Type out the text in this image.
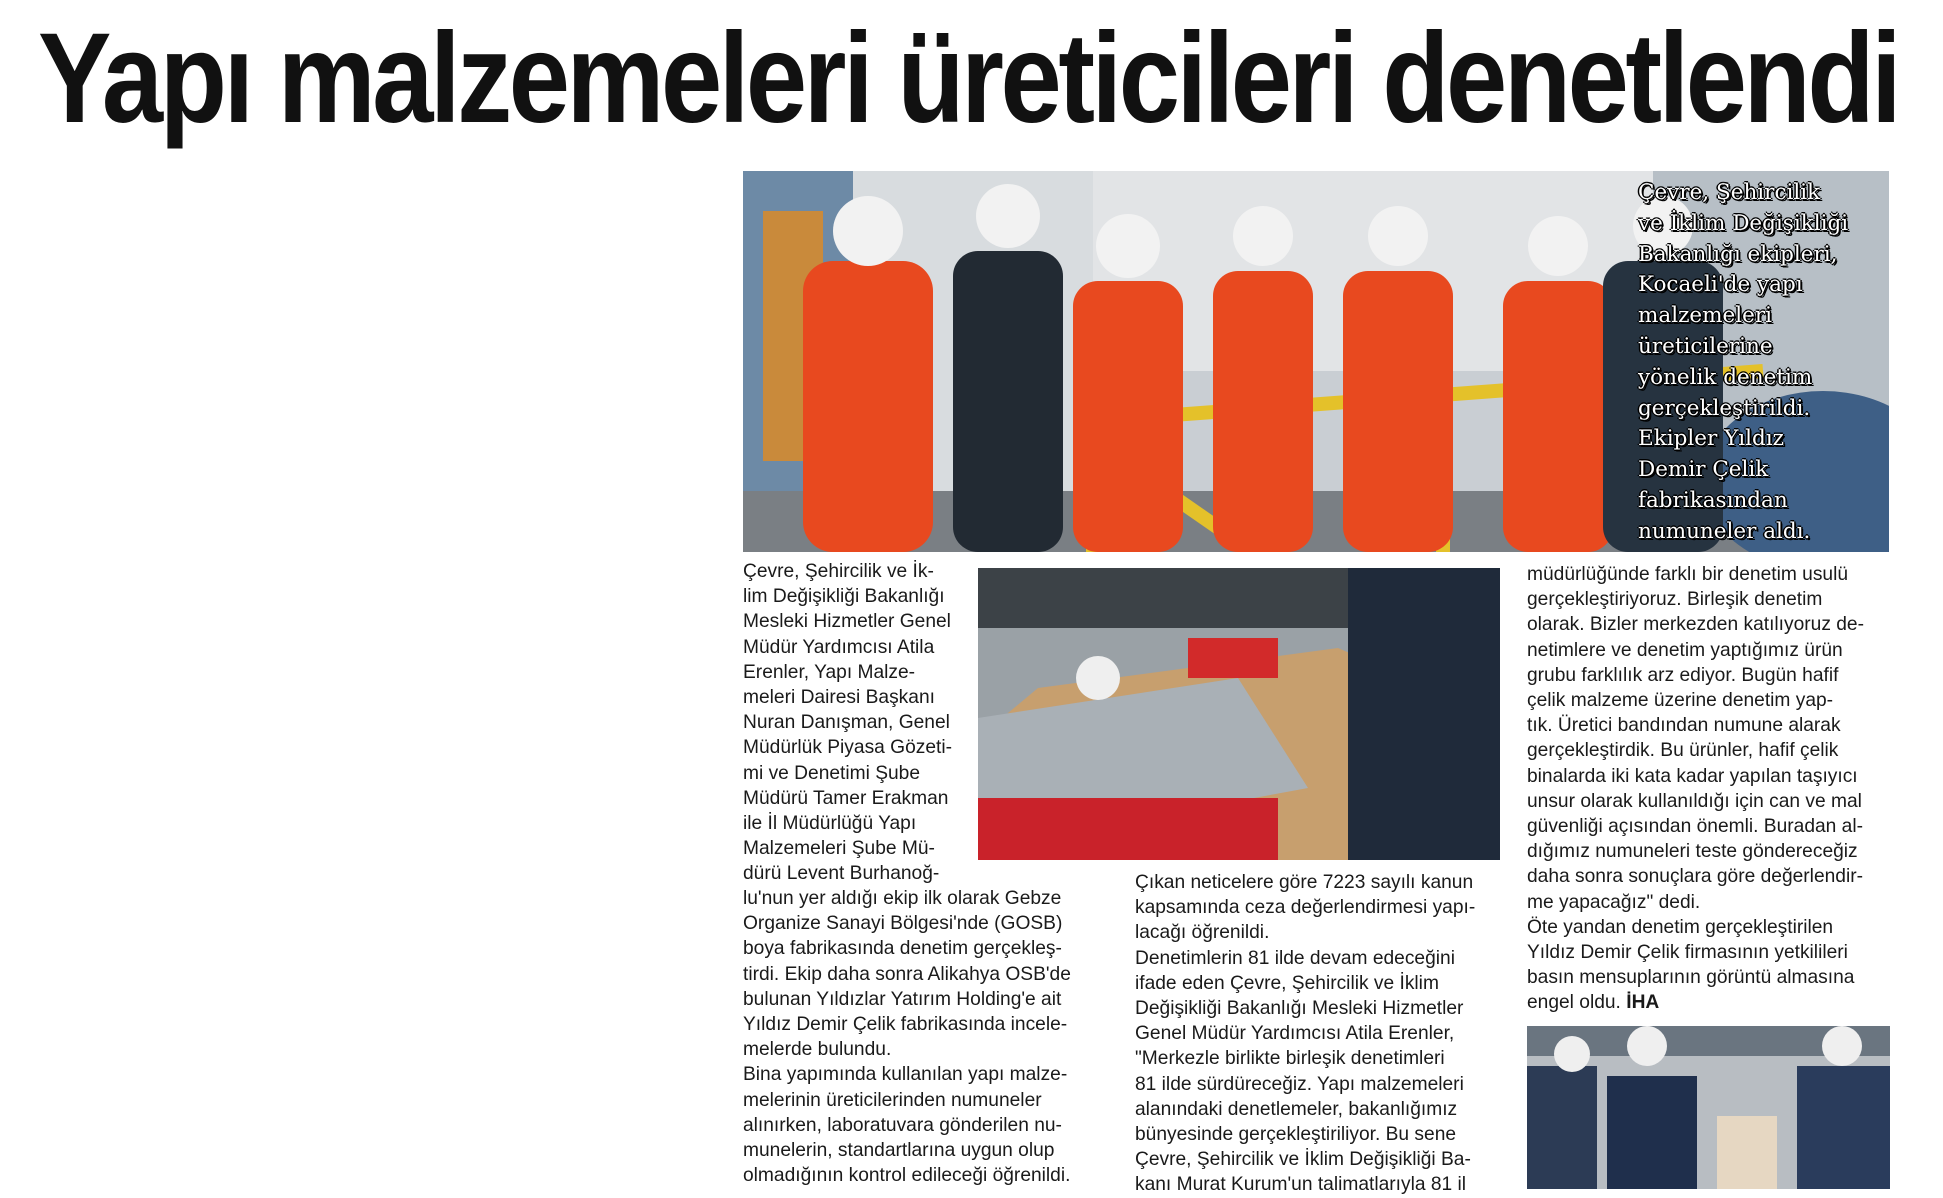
Yapı malzemeleri üreticileri denetlendi
Çevre, Şehircilik
ve İklim Değişikliği
Bakanlığı ekipleri,
Kocaeli'de yapı
malzemeleri
üreticilerine
yönelik denetim
gerçekleştirildi.
Ekipler Yıldız
Demir Çelik
fabrikasından
numuneler aldı.

Çevre, Şehircilik ve İk-

lim Değişikliği Bakanlığı

Mesleki Hizmetler Genel

Müdür Yardımcısı Atila

Erenler, Yapı Malze-

meleri Dairesi Başkanı

Nuran Danışman, Genel

Müdürlük Piyasa Gözeti-

mi ve Denetimi Şube

Müdürü Tamer Erakman

ile İl Müdürlüğü Yapı

Malzemeleri Şube Mü-

dürü Levent Burhanoğ-

lu'nun yer aldığı ekip ilk olarak Gebze

Organize Sanayi Bölgesi'nde (GOSB)

boya fabrikasında denetim gerçekleş-

tirdi. Ekip daha sonra Alikahya OSB'de

bulunan Yıldızlar Yatırım Holding'e ait

Yıldız Demir Çelik fabrikasında incele-

melerde bulundu.

Bina yapımında kullanılan yapı malze-

melerinin üreticilerinden numuneler

alınırken, laboratuvara gönderilen nu-

munelerin, standartlarına uygun olup

olmadığının kontrol edileceği öğrenildi.

Çıkan neticelere göre 7223 sayılı kanun

kapsamında ceza değerlendirmesi yapı-

lacağı öğrenildi.

Denetimlerin 81 ilde devam edeceğini

ifade eden Çevre, Şehircilik ve İklim

Değişikliği Bakanlığı Mesleki Hizmetler

Genel Müdür Yardımcısı Atila Erenler,

"Merkezle birlikte birleşik denetimleri

81 ilde sürdüreceğiz. Yapı malzemeleri

alanındaki denetlemeler, bakanlığımız

bünyesinde gerçekleştiriliyor. Bu sene

Çevre, Şehircilik ve İklim Değişikliği Ba-

kanı Murat Kurum'un talimatlarıyla 81 il

müdürlüğünde farklı bir denetim usulü

gerçekleştiriyoruz. Birleşik denetim

olarak. Bizler merkezden katılıyoruz de-

netimlere ve denetim yaptığımız ürün

grubu farklılık arz ediyor. Bugün hafif

çelik malzeme üzerine denetim yap-

tık. Üretici bandından numune alarak

gerçekleştirdik. Bu ürünler, hafif çelik

binalarda iki kata kadar yapılan taşıyıcı

unsur olarak kullanıldığı için can ve mal

güvenliği açısından önemli. Buradan al-

dığımız numuneleri teste göndereceğiz

daha sonra sonuçlara göre değerlendir-

me yapacağız" dedi.

Öte yandan denetim gerçekleştirilen

Yıldız Demir Çelik firmasının yetkilileri

basın mensuplarının görüntü almasına

engel oldu. İHA
